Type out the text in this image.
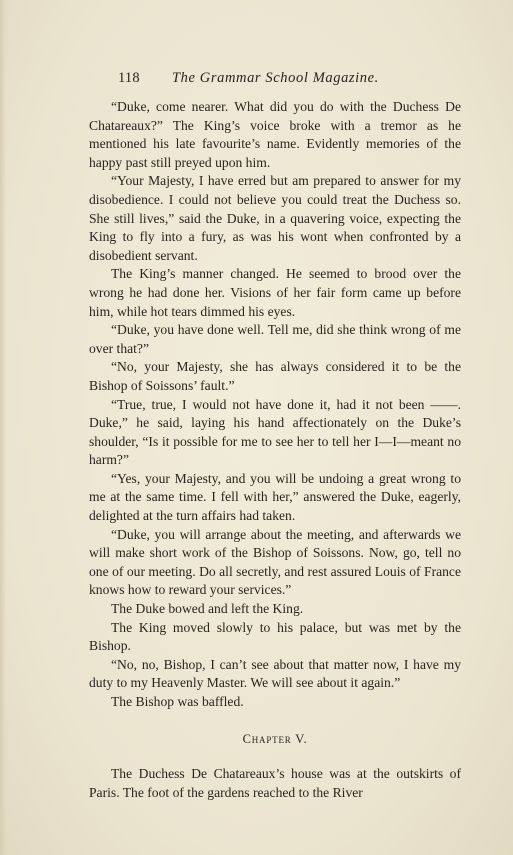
118 The Grammar School Magazine.

“Duke, come nearer. What did you do with the Duchess De Chatareaux?” The King’s voice broke with a tremor as he mentioned his late favourite’s name. Evidently memories of the happy past still preyed upon him.

“Your Majesty, I have erred but am prepared to answer for my disobedience. I could not believe you could treat the Duchess so. She still lives,” said the Duke, in a quavering voice, expecting the King to fly into a fury, as was his wont when confronted by a disobedient servant.

The King’s manner changed. He seemed to brood over the wrong he had done her. Visions of her fair form came up before him, while hot tears dimmed his eyes.

“Duke, you have done well. Tell me, did she think wrong of me over that?”

“No, your Majesty, she has always considered it to be the Bishop of Soissons’ fault.”

“True, true, I would not have done it, had it not been ——. Duke,” he said, laying his hand affectionately on the Duke’s shoulder, “Is it possible for me to see her to tell her I—I—meant no harm?”

“Yes, your Majesty, and you will be undoing a great wrong to me at the same time. I fell with her,” answered the Duke, eagerly, delighted at the turn affairs had taken.

“Duke, you will arrange about the meeting, and afterwards we will make short work of the Bishop of Soissons. Now, go, tell no one of our meeting. Do all secretly, and rest assured Louis of France knows how to reward your services.”

The Duke bowed and left the King.

The King moved slowly to his palace, but was met by the Bishop.

“No, no, Bishop, I can’t see about that matter now, I have my duty to my Heavenly Master. We will see about it again.”

The Bishop was baffled.

Chapter V.

The Duchess De Chatareaux’s house was at the outskirts of Paris. The foot of the gardens reached to the River
